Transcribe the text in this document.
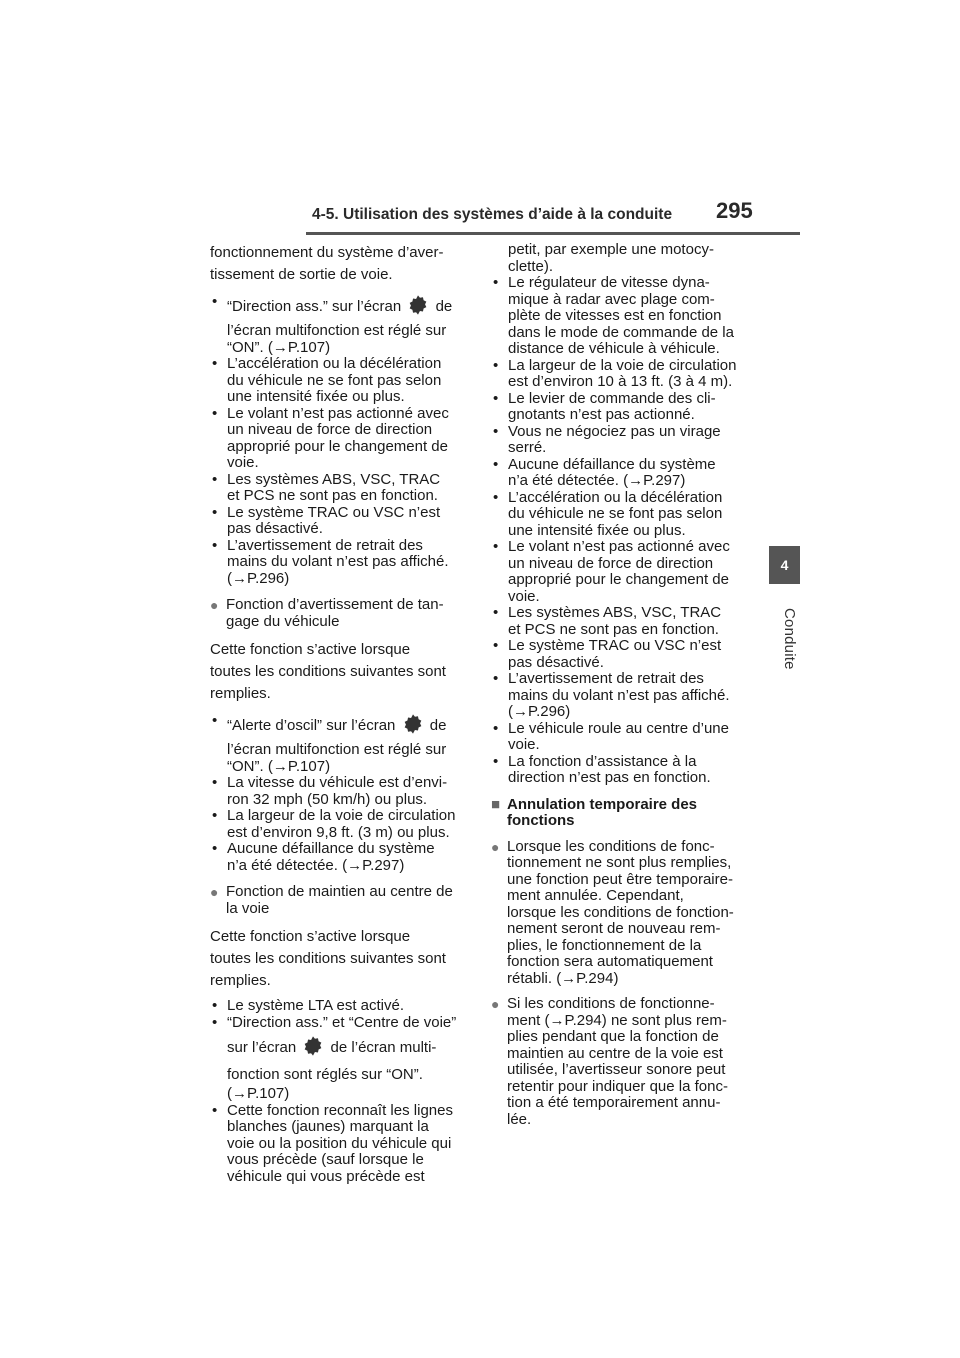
4-5. Utilisation des systèmes d’aide à la conduite	295
4
Conduite
fonctionnement du système d’aver-
tissement de sortie de voie.
• “Direction ass.” sur l’écran de
l’écran multifonction est réglé sur
“ON”. (→P.107)
• L’accélération ou la décélération
du véhicule ne se font pas selon
une intensité fixée ou plus.
• Le volant n’est pas actionné avec
un niveau de force de direction
approprié pour le changement de
voie.
• Les systèmes ABS, VSC, TRAC
et PCS ne sont pas en fonction.
• Le système TRAC ou VSC n’est
pas désactivé.
• L’avertissement de retrait des
mains du volant n’est pas affiché.
(→P.296)
● Fonction d’avertissement de tan-
gage du véhicule
Cette fonction s’active lorsque
toutes les conditions suivantes sont
remplies.
• “Alerte d’oscil” sur l’écran de
l’écran multifonction est réglé sur
“ON”. (→P.107)
• La vitesse du véhicule est d’envi-
ron 32 mph (50 km/h) ou plus.
• La largeur de la voie de circulation
est d’environ 9,8 ft. (3 m) ou plus.
• Aucune défaillance du système
n’a été détectée. (→P.297)
● Fonction de maintien au centre de
la voie
Cette fonction s’active lorsque
toutes les conditions suivantes sont
remplies.
• Le système LTA est activé.
• “Direction ass.” et “Centre de voie”
sur l’écran de l’écran multi-
fonction sont réglés sur “ON”.
(→P.107)
• Cette fonction reconnaît les lignes
blanches (jaunes) marquant la
voie ou la position du véhicule qui
vous précède (sauf lorsque le
véhicule qui vous précède est
petit, par exemple une motocy-
clette).
• Le régulateur de vitesse dyna-
mique à radar avec plage com-
plète de vitesses est en fonction
dans le mode de commande de la
distance de véhicule à véhicule.
• La largeur de la voie de circulation
est d’environ 10 à 13 ft. (3 à 4 m).
• Le levier de commande des cli-
gnotants n’est pas actionné.
• Vous ne négociez pas un virage
serré.
• Aucune défaillance du système
n’a été détectée. (→P.297)
• L’accélération ou la décélération
du véhicule ne se font pas selon
une intensité fixée ou plus.
• Le volant n’est pas actionné avec
un niveau de force de direction
approprié pour le changement de
voie.
• Les systèmes ABS, VSC, TRAC
et PCS ne sont pas en fonction.
• Le système TRAC ou VSC n’est
pas désactivé.
• L’avertissement de retrait des
mains du volant n’est pas affiché.
(→P.296)
• Le véhicule roule au centre d’une
voie.
• La fonction d’assistance à la
direction n’est pas en fonction.
■ Annulation temporaire des
fonctions
● Lorsque les conditions de fonc-
tionnement ne sont plus remplies,
une fonction peut être temporaire-
ment annulée. Cependant,
lorsque les conditions de fonction-
nement seront de nouveau rem-
plies, le fonctionnement de la
fonction sera automatiquement
rétabli. (→P.294)
● Si les conditions de fonctionne-
ment (→P.294) ne sont plus rem-
plies pendant que la fonction de
maintien au centre de la voie est
utilisée, l’avertisseur sonore peut
retentir pour indiquer que la fonc-
tion a été temporairement annu-
lée.
